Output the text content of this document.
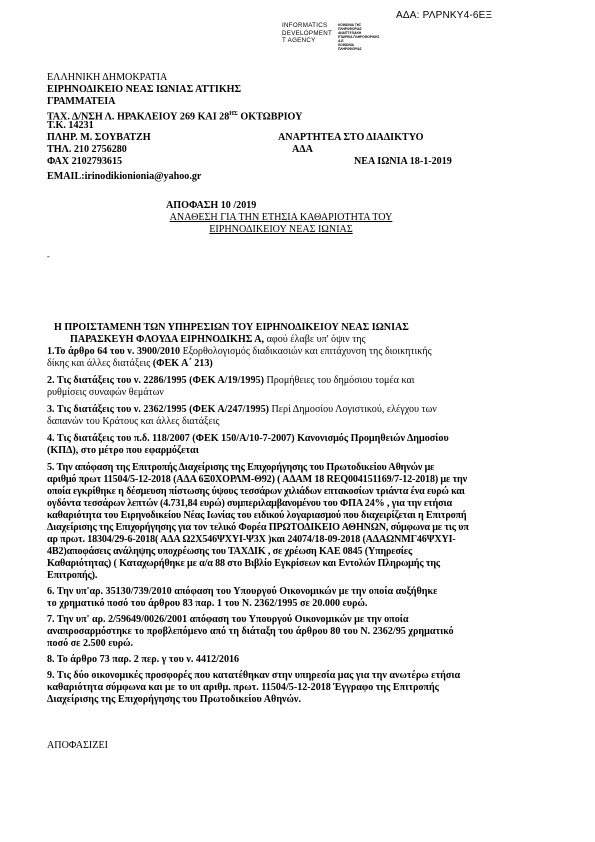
ΑΔΑ: ΡΛΡΝΚΥ4-6ΕΞ
INFORMATICS
DEVELOPMENT
T AGENCY
ΚΟΙΝΩΝΙΑ ΤΗΣ
ΠΛΗΡΟΦΟΡΙΑΣ
ΑΝΑΠΤΥΞΙΑΚΗ
ΕΤΑΙΡΕΙΑ ΠΛΗΡΟΦΟΡΙΚΗΣ
Α.Ε.
ΚΟΙΝΩΝΙΑ
ΠΛΗΡΟΦΟΡΙΑΣ
ΕΛΛΗΝΙΚΗ ΔΗΜΟΚΡΑΤΙΑ
ΕΙΡΗΝΟΔΙΚΕΙΟ ΝΕΑΣ ΙΩΝΙΑΣ ΑΤΤΙΚΗΣ
ΓΡΑΜΜΑΤΕΙΑ
ΤΑΧ. Δ/ΝΣΗ Λ. ΗΡΑΚΛΕΙΟΥ 269 ΚΑΙ $28^{H\Sigma}$ ΟΚΤΩΒΡΙΟΥ
Τ.Κ. 14231
ΠΛΗΡ. Μ. ΣΟΥΒΑΤΖΗ	ΑΝΑΡΤΗΤΕΑ ΣΤΟ ΔΙΑΔΙΚΤΥΟ
ΤΗΛ. 210 2756280	ΑΔΑ
ΦΑΧ 2102793615	ΝΕΑ ΙΩΝΙΑ 18-1-2019
EMAIL:irinodikionionia@yahoo.gr
ΑΠΟΦΑΣΗ 10 /2019
ΑΝΑΘΕΣΗ ΓΙΑ ΤΗΝ ΕΤΗΣΙΑ ΚΑΘΑΡΙΟΤΗΤΑ ΤΟΥ
ΕΙΡΗΝΟΔΙΚΕΙΟΥ ΝΕΑΣ ΙΩΝΙΑΣ
-
Η ΠΡΟΙΣΤΑΜΕΝΗ ΤΩΝ ΥΠΗΡΕΣΙΩΝ ΤΟΥ ΕΙΡΗΝΟΔΙΚΕΙΟΥ ΝΕΑΣ ΙΩΝΙΑΣ
ΠΑΡΑΣΚΕΥΗ ΦΛΟΥΔΑ ΕΙΡΗΝΟΔΙΚΗΣ Α, αφού έλαβε υπ' όψιν της
1.Το άρθρο 64 του ν. 3900/2010 Εξορθολογισμός διαδικασιών και επιτάχυνση της διοικητικής
δίκης και άλλες διατάξεις (ΦΕΚ Α΄ 213)
2. Τις διατάξεις του ν. 2286/1995 (ΦΕΚ Α/19/1995) Προμήθειες του δημόσιου τομέα και
ρυθμίσεις συναφών θεμάτων
3. Τις διατάξεις του ν. 2362/1995 (ΦΕΚ Α/247/1995) Περί Δημοσίου Λογιστικού, ελέγχου των
δαπανών του Κράτους και άλλες διατάξεις
4. Τις διατάξεις του π.δ. 118/2007 (ΦΕΚ 150/Α/10-7-2007) Κανονισμός Προμηθειών Δημοσίου
(ΚΠΔ), στο μέτρο που εφαρμόζεται
5. Την απόφαση της Επιτροπής Διαχείρισης της Επιχορήγησης του Πρωτοδικείου Αθηνών με
αριθμό πρωτ 11504/5-12-2018 (ΑΔΑ 6Ξ0ΧΟΡΛΜ-Θ92) ( ΑΔΑΜ 18 REQ004151169/7-12-2018) με την
οποία εγκρίθηκε η δέσμευση πίστωσης ύψους τεσσάρων χιλιάδων επτακοσίων τριάντα ένα ευρώ και
ογδόντα τεσσάρων λεπτών (4.731,84 ευρώ) συμπεριλαμβανομένου του ΦΠΑ 24% , για την ετήσια
καθαριότητα του Ειρηνοδικείου Νέας Ιωνίας του ειδικού λογαριασμού που διαχειρίζεται η Επιτροπή
Διαχείρισης της Επιχορήγησης για τον τελικό Φορέα ΠΡΩΤΟΔΙΚΕΙΟ ΑΘΗΝΩΝ, σύμφωνα με τις υπ
αρ πρωτ. 18304/29-6-2018( ΑΔΑ Ω2Χ546ΨΧΥΙ-Ψ3Χ )και 24074/18-09-2018 (ΑΔΑΩΝΜΓ46ΨΧΥΙ-
4Β2)αποφάσεις ανάληψης υποχρέωσης του ΤΑΧΔΙΚ , σε χρέωση ΚΑΕ 0845 (Υπηρεσίες
Καθαριότητας) ( Καταχωρήθηκε με α/α 88 στο Βιβλίο Εγκρίσεων και Εντολών Πληρωμής της
Επιτροπής).
6. Την υπ'αρ. 35130/739/2010 απόφαση του Υπουργού Οικονομικών με την οποία αυξήθηκε
το χρηματικό ποσό του άρθρου 83 παρ. 1 του Ν. 2362/1995 σε 20.000 ευρώ.
7. Την υπ' αρ. 2/59649/0026/2001 απόφαση του Υπουργού Οικονομικών με την οποία
αναπροσαρμόστηκε το προβλεπόμενο από τη διάταξη του άρθρου 80 του Ν. 2362/95 χρηματικό
ποσό σε 2.500 ευρώ.
8. Το άρθρο 73 παρ. 2 περ. γ του ν. 4412/2016
9. Τις δύο οικονομικές προσφορές που κατατέθηκαν στην υπηρεσία μας για την ανωτέρω ετήσια
καθαριότητα σύμφωνα και με το υπ αριθμ. πρωτ. 11504/5-12-2018 Έγγραφο της Επιτροπής
Διαχείρισης της Επιχορήγησης του Πρωτοδικείου Αθηνών.
ΑΠΟΦΑΣΙΖΕΙ
